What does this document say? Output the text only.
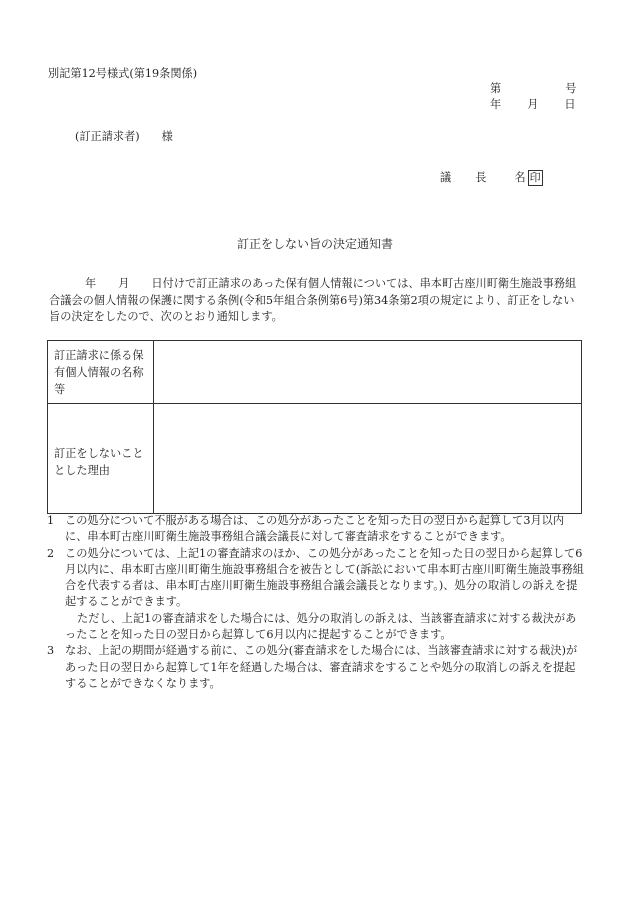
別記第12号様式(第19条関係)
第	号
年 月 日
(訂正請求者) 様
議 長	名 印
訂正をしない旨の決定通知書
年 月 日付けで訂正請求のあった保有個人情報については、串本町古座川町衛生施設事務組合議会の個人情報の保護に関する条例(令和5年組合条例第6号)第34条第2項の規定により、訂正をしない旨の決定をしたので、次のとおり通知します。
訂正請求に係る保有個人情報の名称等	
訂正をしないこととした理由	
1 この処分について不服がある場合は、この処分があったことを知った日の翌日から起算して3月以内に、串本町古座川町衛生施設事務組合議会議長に対して審査請求をすることができます。

2 この処分については、上記1の審査請求のほか、この処分があったことを知った日の翌日から起算して6月以内に、串本町古座川町衛生施設事務組合を被告として(訴訟において串本町古座川町衛生施設事務組合を代表する者は、串本町古座川町衛生施設事務組合議会議長となります。)、処分の取消しの訴えを提起することができます。

ただし、上記1の審査請求をした場合には、処分の取消しの訴えは、当該審査請求に対する裁決があったことを知った日の翌日から起算して6月以内に提起することができます。

3 なお、上記の期間が経過する前に、この処分(審査請求をした場合には、当該審査請求に対する裁決)があった日の翌日から起算して1年を経過した場合は、審査請求をすることや処分の取消しの訴えを提起することができなくなります。
